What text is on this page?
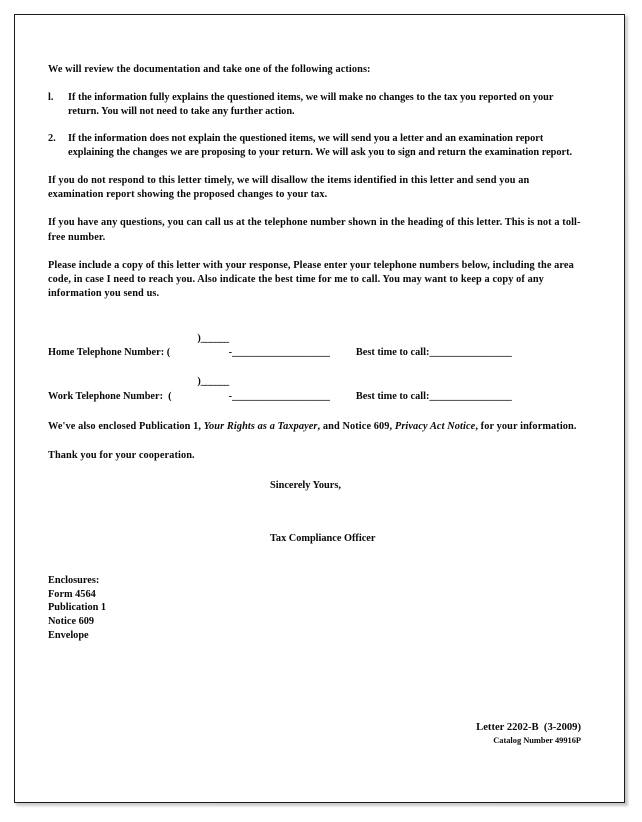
We will review the documentation and take one of the following actions:

l. If the information fully explains the questioned items, we will make no changes to the tax you reported on your return. You will not need to take any further action.
2. If the information does not explain the questioned items, we will send you a letter and an examination report explaining the changes we are proposing to your return. We will ask you to sign and return the examination report.

If you do not respond to this letter timely, we will disallow the items identified in this letter and send you an examination report showing the proposed changes to your tax.

If you have any questions, you can call us at the telephone number shown in the heading of this letter. This is not a toll-free number.

Please include a copy of this letter with your response, Please enter your telephone numbers below, including the area code, in case I need to reach you. Also indicate the best time for me to call. You may want to keep a copy of any information you send us.

Home Telephone Number: (	)______	-	___________________		Best time to call:	________________
Work Telephone Number:  (	)______	-	___________________		Best time to call:	________________

We've also enclosed Publication 1, Your Rights as a Taxpayer, and Notice 609, Privacy Act Notice, for your information.

Thank you for your cooperation.

Sincerely Yours,
Tax Compliance Officer
Enclosures:
Form 4564
Publication 1
Notice 609
Envelope
Letter 2202-B  (3-2009)
Catalog Number 49916P
